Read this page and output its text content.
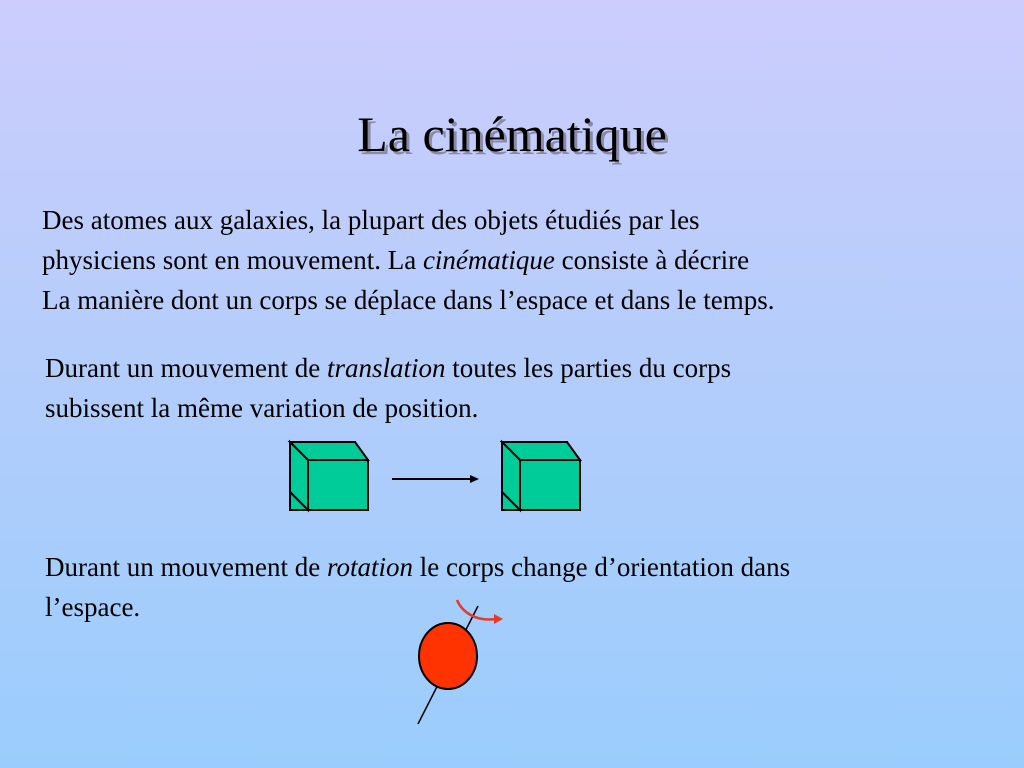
La cinématique

Des atomes aux galaxies, la plupart des objets étudiés par les
physiciens sont en mouvement. La cinématique consiste à décrire
La manière dont un corps se déplace dans l’espace et dans le temps.

Durant un mouvement de translation toutes les parties du corps
subissent la même variation de position.

Durant un mouvement de rotation le corps change d’orientation dans
l’espace.
